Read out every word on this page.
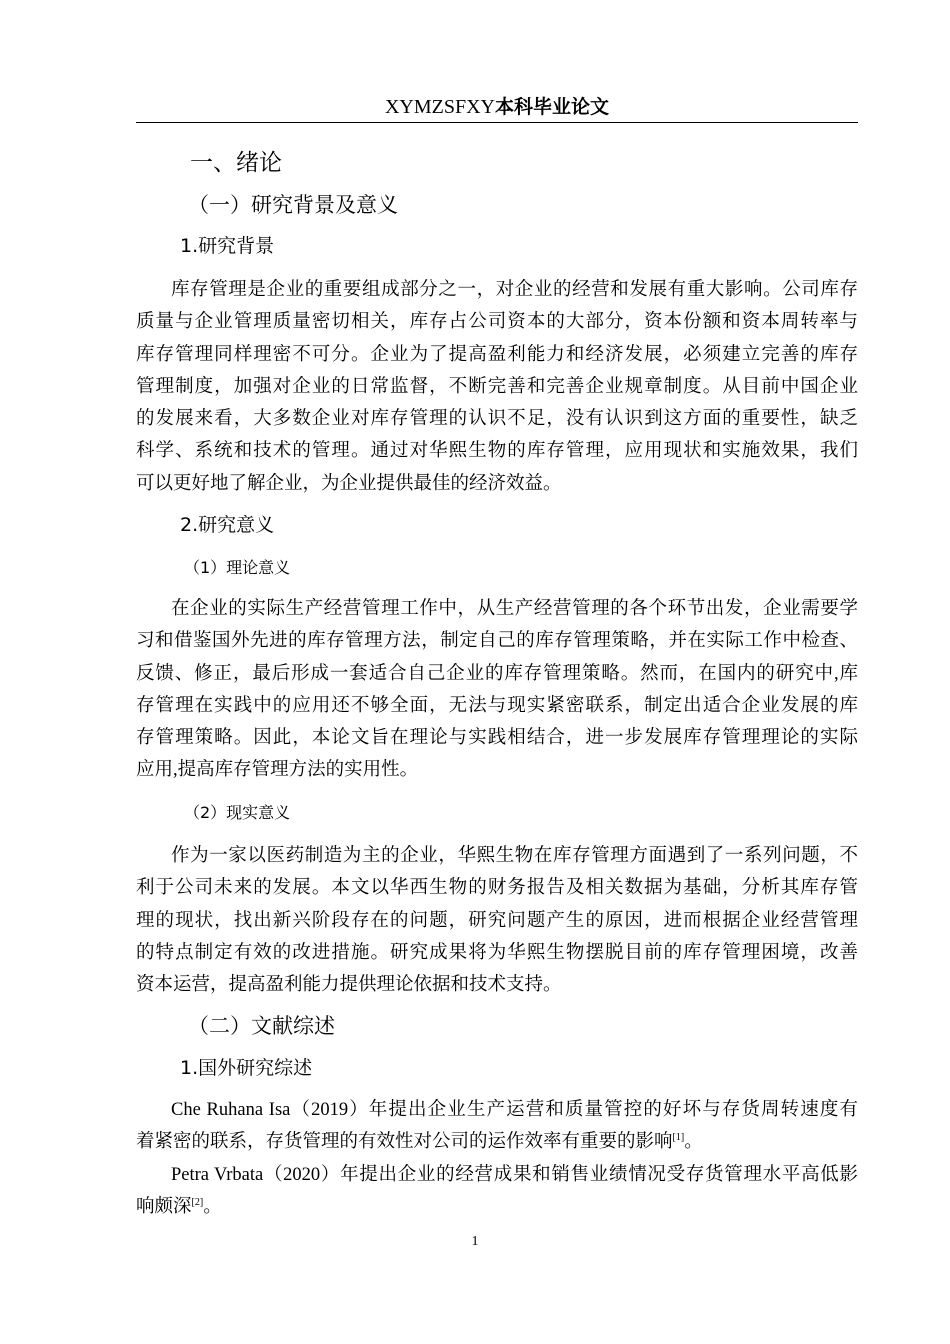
XYMZSFXY本科毕业论文
一、绪论
（一）研究背景及意义
1.研究背景
库存管理是企业的重要组成部分之一，对企业的经营和发展有重大影响。公司库存
质量与企业管理质量密切相关，库存占公司资本的大部分，资本份额和资本周转率与
库存管理同样理密不可分。企业为了提高盈利能力和经济发展，必须建立完善的库存
管理制度，加强对企业的日常监督，不断完善和完善企业规章制度。从目前中国企业
的发展来看，大多数企业对库存管理的认识不足，没有认识到这方面的重要性，缺乏
科学、系统和技术的管理。通过对华熙生物的库存管理，应用现状和实施效果，我们
可以更好地了解企业，为企业提供最佳的经济效益。
2.研究意义
（1）理论意义
在企业的实际生产经营管理工作中，从生产经营管理的各个环节出发，企业需要学
习和借鉴国外先进的库存管理方法，制定自己的库存管理策略，并在实际工作中检查、
反馈、修正，最后形成一套适合自己企业的库存管理策略。然而，在国内的研究中,库
存管理在实践中的应用还不够全面，无法与现实紧密联系，制定出适合企业发展的库
存管理策略。因此，本论文旨在理论与实践相结合，进一步发展库存管理理论的实际
应用,提高库存管理方法的实用性。
（2）现实意义
作为一家以医药制造为主的企业，华熙生物在库存管理方面遇到了一系列问题，不
利于公司未来的发展。本文以华西生物的财务报告及相关数据为基础，分析其库存管
理的现状，找出新兴阶段存在的问题，研究问题产生的原因，进而根据企业经营管理
的特点制定有效的改进措施。研究成果将为华熙生物摆脱目前的库存管理困境，改善
资本运营，提高盈利能力提供理论依据和技术支持。
（二）文献综述
1.国外研究综述
Che Ruhana Isa（2019）年提出企业生产运营和质量管控的好坏与存货周转速度有
着紧密的联系，存货管理的有效性对公司的运作效率有重要的影响[1]。
Petra Vrbata（2020）年提出企业的经营成果和销售业绩情况受存货管理水平高低影
响颇深[2]。
1
